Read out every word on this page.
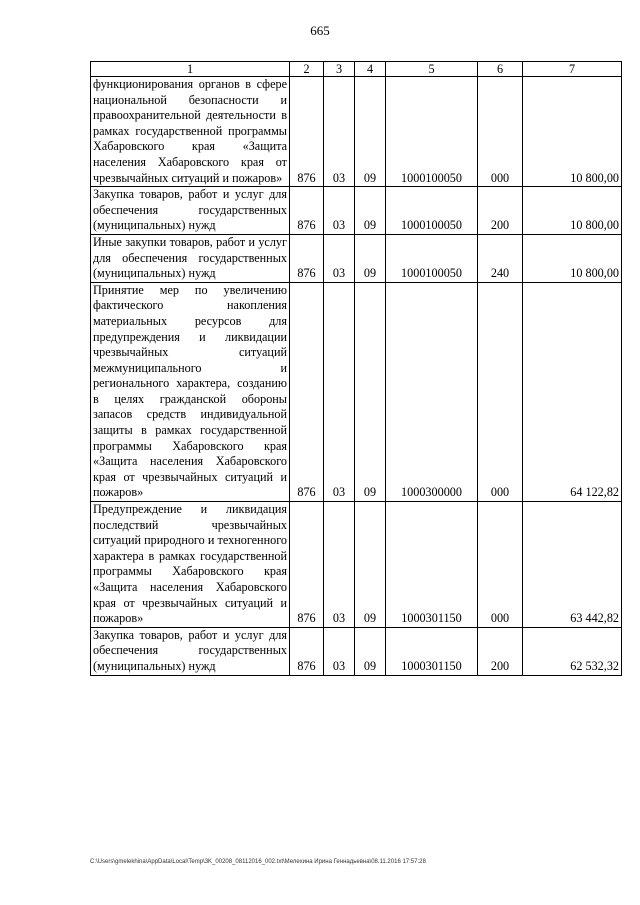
665
1	2	3	4	5	6	7
функционирования органов в сфере национальной безопасности и правоохранительной деятельности в рамках государственной программы Хабаровского края «Защита населения Хабаровского края от чрезвычайных ситуаций и пожаров»	876	03	09	1000100050	000	10 800,00
Закупка товаров, работ и услуг для обеспечения государственных (муниципальных) нужд	876	03	09	1000100050	200	10 800,00
Иные закупки товаров, работ и услуг для обеспечения государственных (муниципальных) нужд	876	03	09	1000100050	240	10 800,00
Принятие мер по увеличению фактического накопления материальных ресурсов для предупреждения и ликвидации чрезвычайных ситуаций межмуниципального и регионального характера, созданию в целях гражданской обороны запасов средств индивидуальной защиты в рамках государственной программы Хабаровского края «Защита населения Хабаровского края от чрезвычайных ситуаций и пожаров»	876	03	09	1000300000	000	64 122,82
Предупреждение и ликвидация последствий чрезвычайных ситуаций природного и техногенного характера в рамках государственной программы Хабаровского края «Защита населения Хабаровского края от чрезвычайных ситуаций и пожаров»	876	03	09	1000301150	000	63 442,82
Закупка товаров, работ и услуг для обеспечения государственных (муниципальных) нужд	876	03	09	1000301150	200	62 532,32
C:\Users\gmelekhina\AppData\Local\Temp\3K_00208_08112016_002.txt\Мелехина Ирина Геннадьевна\08.11.2016 17:57:28
